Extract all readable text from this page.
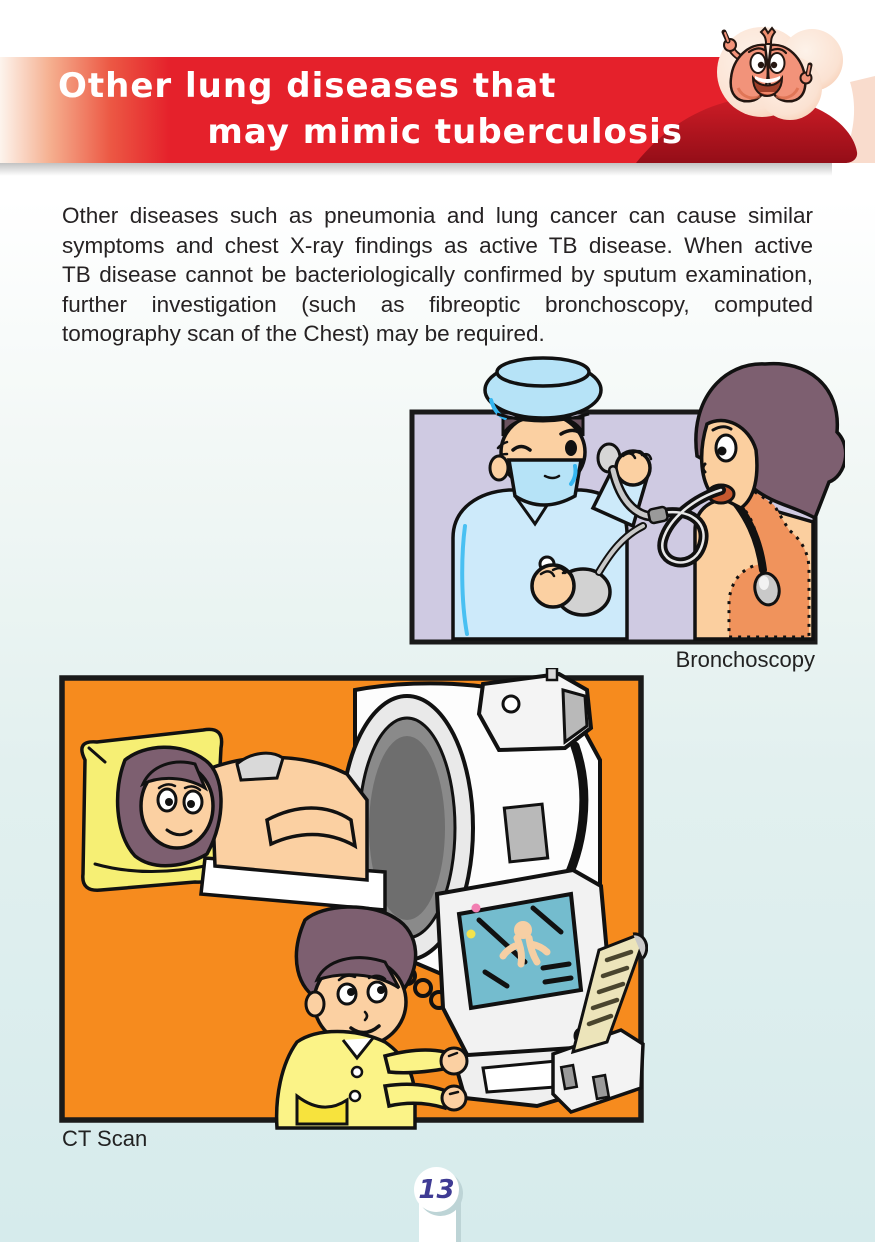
Other lung diseases that
may mimic tuberculosis
Other diseases such as pneumonia and lung cancer can cause similar
symptoms and chest X-ray findings as active TB disease. When active
TB disease cannot be bacteriologically confirmed by sputum examination,
further investigation (such as fibreoptic bronchoscopy, computed
tomography scan of the Chest) may be required.
Bronchoscopy
CT Scan
13
